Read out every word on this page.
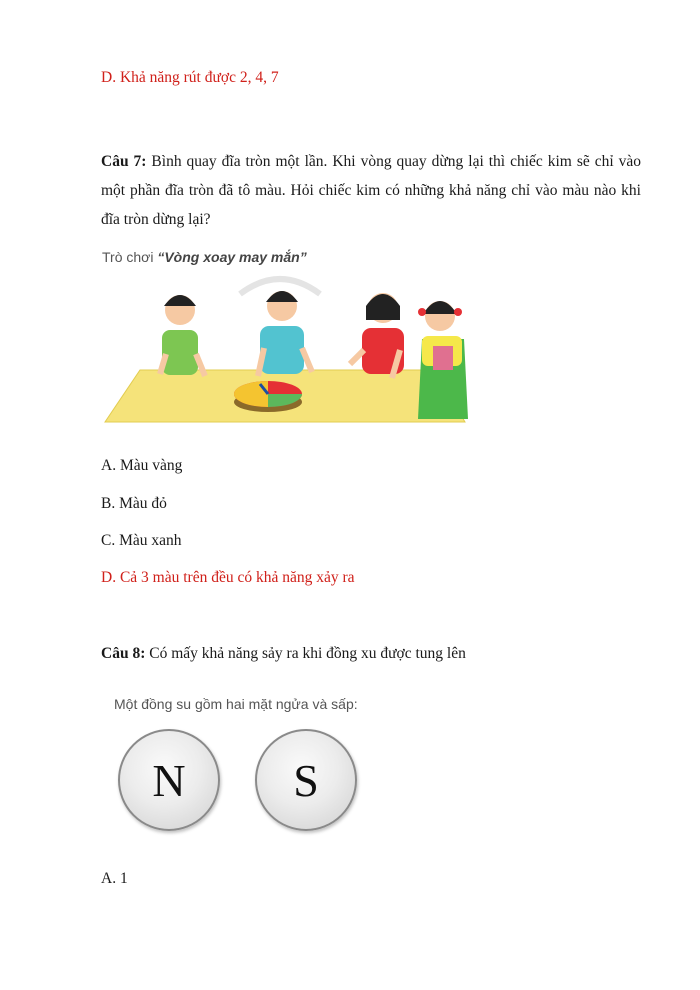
D. Khả năng rút được 2, 4, 7
Câu 7: Bình quay đĩa tròn một lần. Khi vòng quay dừng lại thì chiếc kim sẽ chỉ vào một phần đĩa tròn đã tô màu. Hỏi chiếc kim có những khả năng chỉ vào màu nào khi đĩa tròn dừng lại?
Trò chơi “Vòng xoay may mắn”
A. Màu vàng
B. Màu đỏ
C. Màu xanh
D. Cả 3 màu trên đều có khả năng xảy ra
Câu 8: Có mấy khả năng sảy ra khi đồng xu được tung lên
Một đồng su gồm hai mặt ngửa và sấp:
N	S
A. 1
